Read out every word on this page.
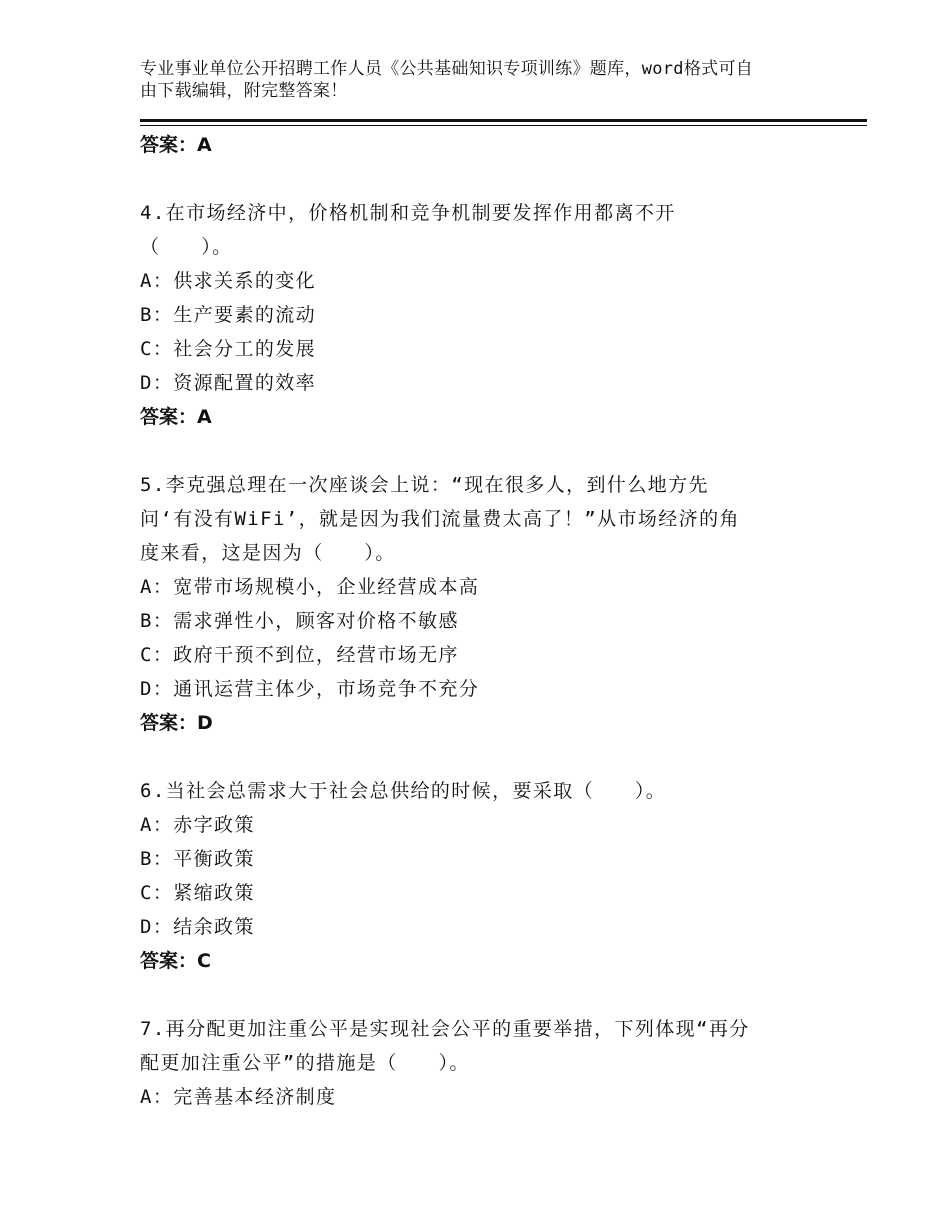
专业事业单位公开招聘工作人员《公共基础知识专项训练》题库，word格式可自
由下载编辑，附完整答案！
答案：A
4.在市场经济中，价格机制和竞争机制要发挥作用都离不开
（　　）。
A：供求关系的变化
B：生产要素的流动
C：社会分工的发展
D：资源配置的效率
答案：A
5.李克强总理在一次座谈会上说：“现在很多人，到什么地方先
问‘有没有WiFi’，就是因为我们流量费太高了！”从市场经济的角
度来看，这是因为（　　）。
A：宽带市场规模小，企业经营成本高
B：需求弹性小，顾客对价格不敏感
C：政府干预不到位，经营市场无序
D：通讯运营主体少，市场竞争不充分
答案：D
6.当社会总需求大于社会总供给的时候，要采取（　　）。
A：赤字政策
B：平衡政策
C：紧缩政策
D：结余政策
答案：C
7.再分配更加注重公平是实现社会公平的重要举措，下列体现“再分
配更加注重公平”的措施是（　　）。
A：完善基本经济制度
